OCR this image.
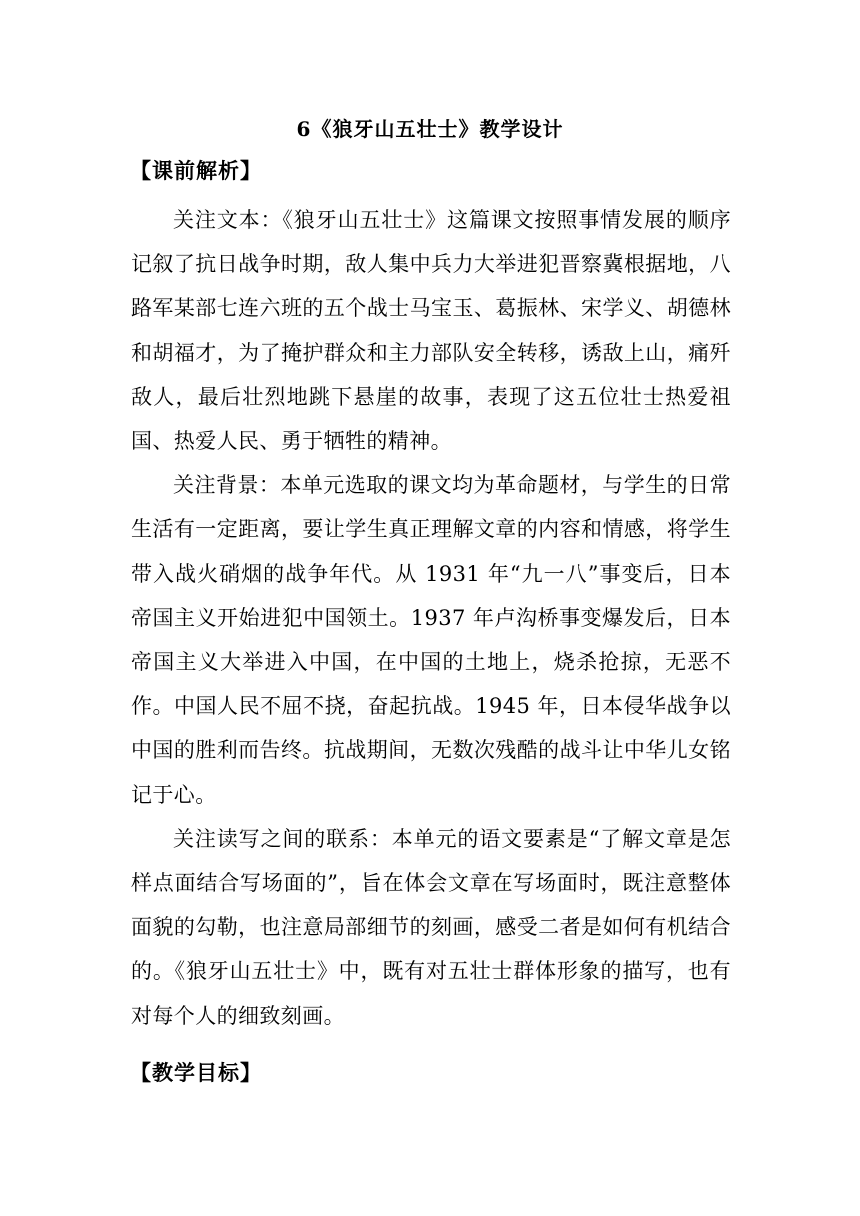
6《狼牙山五壮士》教学设计
【课前解析】

关注文本：《狼牙山五壮士》这篇课文按照事情发展的顺序记叙了抗日战争时期，敌人集中兵力大举进犯晋察冀根据地，八路军某部七连六班的五个战士马宝玉、葛振林、宋学义、胡德林和胡福才，为了掩护群众和主力部队安全转移，诱敌上山，痛歼敌人，最后壮烈地跳下悬崖的故事，表现了这五位壮士热爱祖国、热爱人民、勇于牺牲的精神。

关注背景：本单元选取的课文均为革命题材，与学生的日常生活有一定距离，要让学生真正理解文章的内容和情感，将学生带入战火硝烟的战争年代。从 1931 年“九一八”事变后，日本帝国主义开始进犯中国领土。1937 年卢沟桥事变爆发后，日本帝国主义大举进入中国，在中国的土地上，烧杀抢掠，无恶不作。中国人民不屈不挠，奋起抗战。1945 年，日本侵华战争以中国的胜利而告终。抗战期间，无数次残酷的战斗让中华儿女铭记于心。

关注读写之间的联系：本单元的语文要素是“了解文章是怎样点面结合写场面的”，旨在体会文章在写场面时，既注意整体面貌的勾勒，也注意局部细节的刻画，感受二者是如何有机结合的。《狼牙山五壮士》中，既有对五壮士群体形象的描写，也有对每个人的细致刻画。

【教学目标】
